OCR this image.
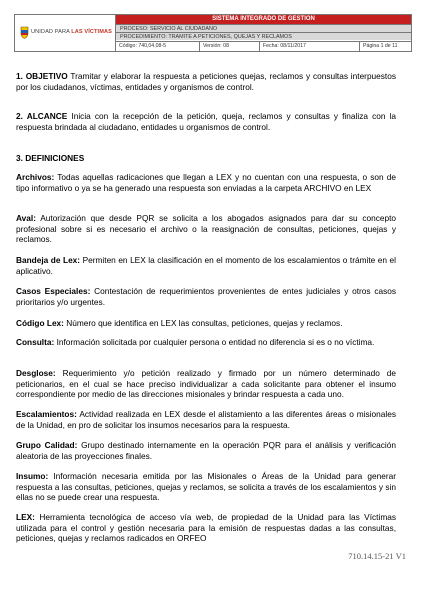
UNIDAD PARA LAS VÍCTIMAS
SISTEMA INTEGRADO DE GESTION
PROCESO: SERVICIO AL CIUDADANO
PROCEDIMIENTO: TRAMITE A PETICIONES, QUEJAS Y RECLAMOS
Código: 740,04,08-5	Versión: 08	Fecha: 08/11/2017	Página 1 de 11
1. OBJETIVO Tramitar y elaborar la respuesta a peticiones quejas, reclamos y consultas interpuestos por los ciudadanos, víctimas, entidades y organismos de control.
2. ALCANCE Inicia con la recepción de la petición, queja, reclamos y consultas y finaliza con la respuesta brindada al ciudadano, entidades u organismos de control.
3. DEFINICIONES
Archivos: Todas aquellas radicaciones que llegan a LEX y no cuentan con una respuesta, o son de tipo informativo o ya se ha generado una respuesta son enviadas a la carpeta ARCHIVO en LEX
Aval: Autorización que desde PQR se solicita a los abogados asignados para dar su concepto profesional sobre si es necesario el archivo o la reasignación de consultas, peticiones, quejas y reclamos.
Bandeja de Lex: Permiten en LEX la clasificación en el momento de los escalamientos o trámite en el aplicativo.
Casos Especiales: Contestación de requerimientos provenientes de entes judiciales y otros casos prioritarios y/o urgentes.
Código Lex: Número que identifica en LEX las consultas, peticiones, quejas y reclamos.
Consulta: Información solicitada por cualquier persona o entidad no diferencia si es o no víctima.
Desglose: Requerimiento y/o petición realizado y firmado por un número determinado de peticionarios, en el cual se hace preciso individualizar a cada solicitante para obtener el insumo correspondiente por medio de las direcciones misionales y brindar respuesta a cada uno.
Escalamientos: Actividad realizada en LEX desde el alistamiento a las diferentes áreas o misionales de la Unidad, en pro de solicitar los insumos necesarios para la respuesta.
Grupo Calidad: Grupo destinado internamente en la operación PQR para el análisis y verificación aleatoria de las proyecciones finales.
Insumo: Información necesaria emitida por las Misionales o Áreas de la Unidad para generar respuesta a las consultas, peticiones, quejas y reclamos, se solicita a través de los escalamientos y sin ellas no se puede crear una respuesta.
LEX: Herramienta tecnológica de acceso vía web, de propiedad de la Unidad para las Víctimas utilizada para el control y gestión necesaria para la emisión de respuestas dadas a las consultas, peticiones, quejas y reclamos radicados en ORFEO
710.14.15-21 V1
